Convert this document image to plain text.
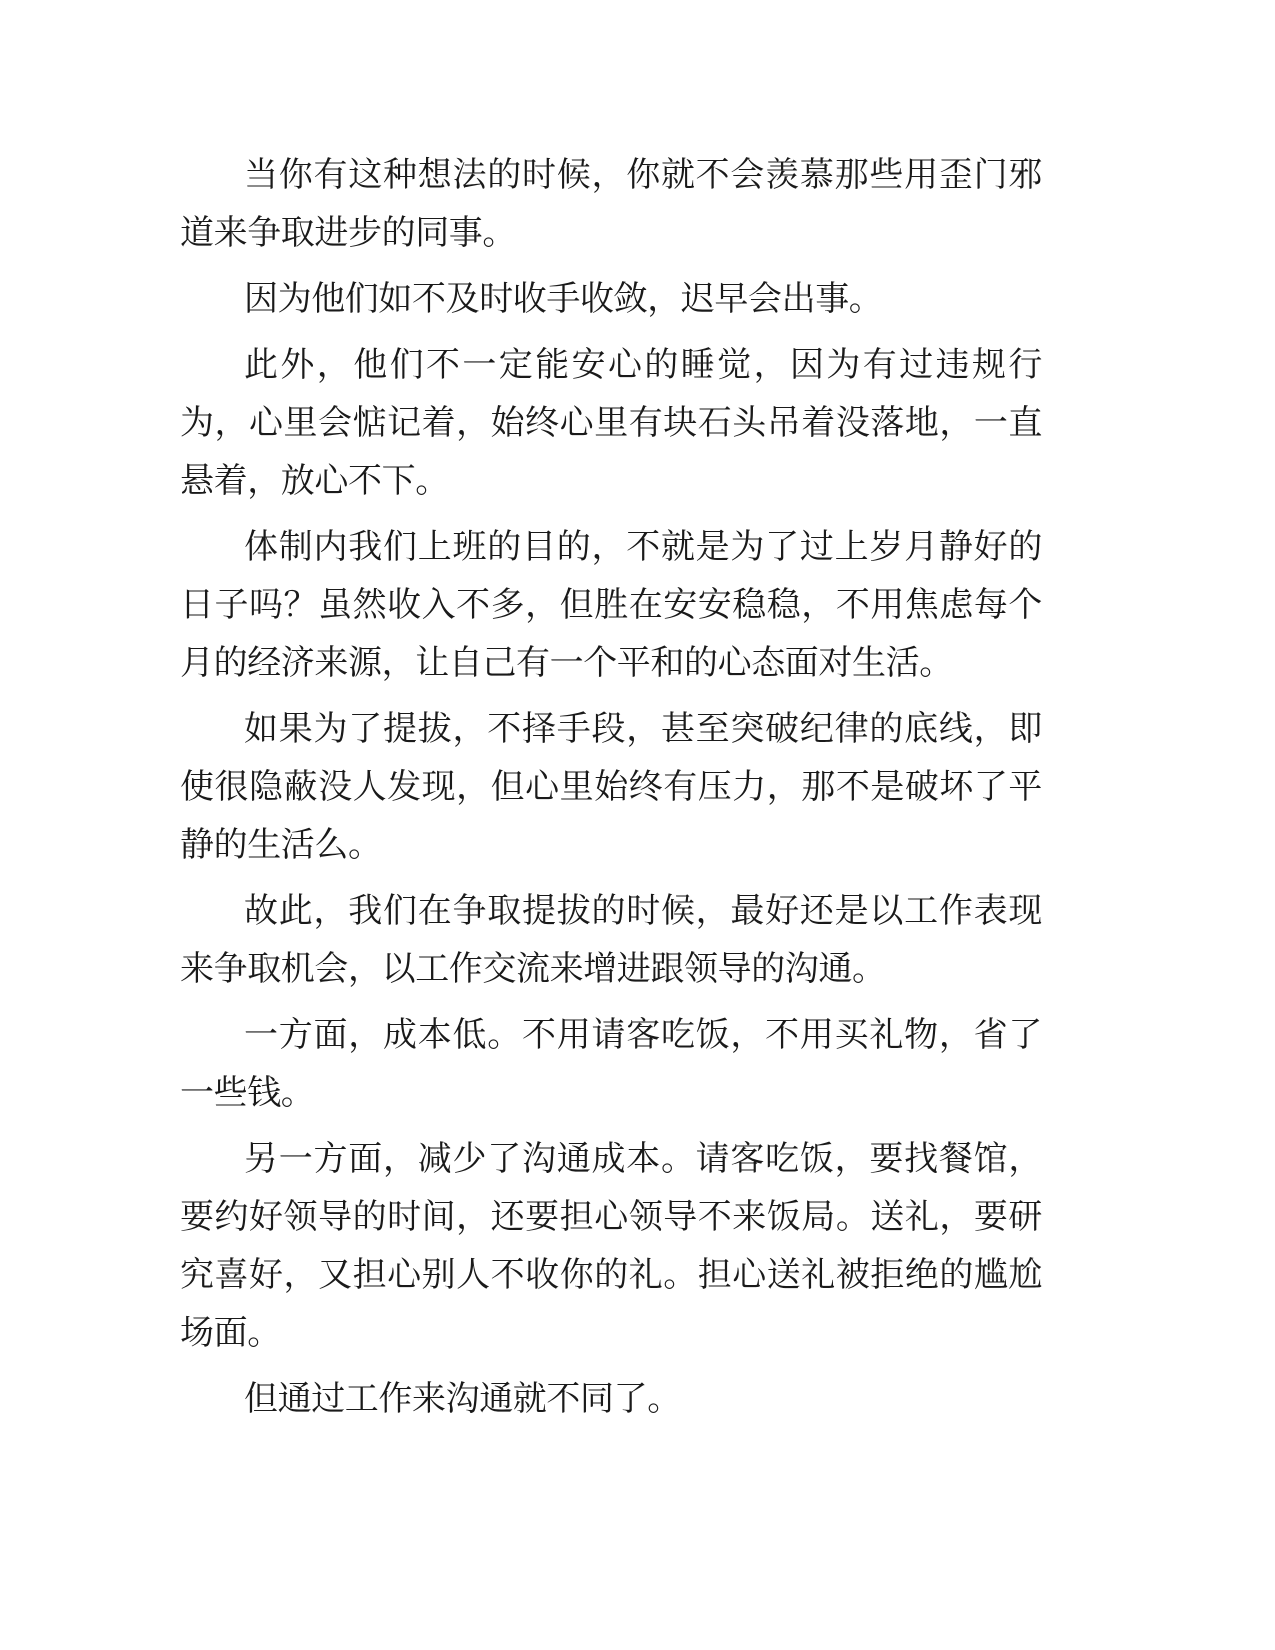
当你有这种想法的时候，你就不会羡慕那些用歪门邪道来争取进步的同事。

因为他们如不及时收手收敛，迟早会出事。

此外，他们不一定能安心的睡觉，因为有过违规行为，心里会惦记着，始终心里有块石头吊着没落地，一直悬着，放心不下。

体制内我们上班的目的，不就是为了过上岁月静好的日子吗？虽然收入不多，但胜在安安稳稳，不用焦虑每个月的经济来源，让自己有一个平和的心态面对生活。

如果为了提拔，不择手段，甚至突破纪律的底线，即使很隐蔽没人发现，但心里始终有压力，那不是破坏了平静的生活么。

故此，我们在争取提拔的时候，最好还是以工作表现来争取机会，以工作交流来增进跟领导的沟通。

一方面，成本低。不用请客吃饭，不用买礼物，省了一些钱。

另一方面，减少了沟通成本。请客吃饭，要找餐馆，要约好领导的时间，还要担心领导不来饭局。送礼，要研究喜好，又担心别人不收你的礼。担心送礼被拒绝的尴尬场面。

但通过工作来沟通就不同了。
